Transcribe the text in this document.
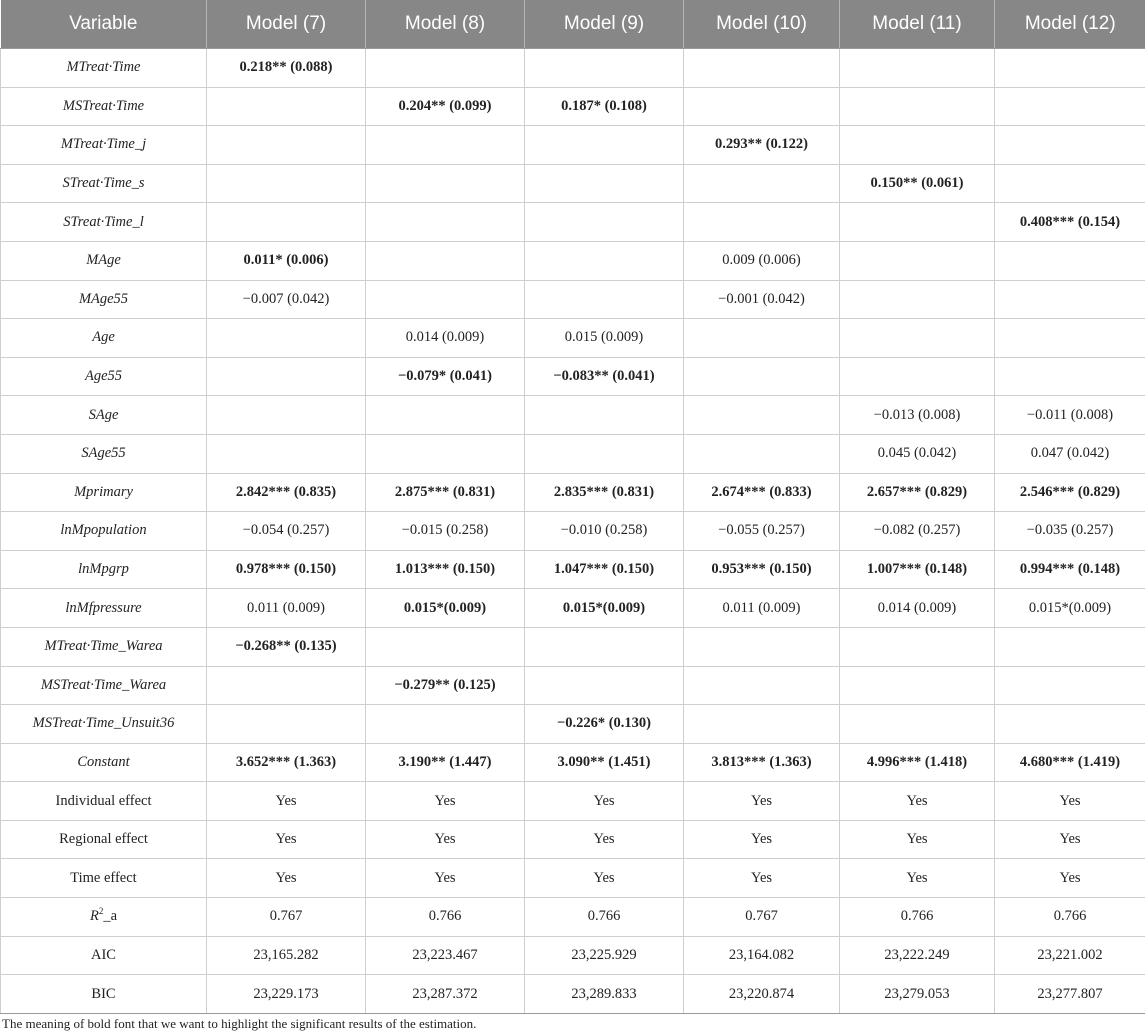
Variable	Model (7)	Model (8)	Model (9)	Model (10)	Model (11)	Model (12)
MTreat·Time	0.218** (0.088)					
MSTreat·Time		0.204** (0.099)	0.187* (0.108)			
MTreat·Time_j				0.293** (0.122)		
STreat·Time_s					0.150** (0.061)	
STreat·Time_l						0.408*** (0.154)
MAge	0.011* (0.006)			0.009 (0.006)		
MAge55	−0.007 (0.042)			−0.001 (0.042)		
Age		0.014 (0.009)	0.015 (0.009)			
Age55		−0.079* (0.041)	−0.083** (0.041)			
SAge					−0.013 (0.008)	−0.011 (0.008)
SAge55					0.045 (0.042)	0.047 (0.042)
Mprimary	2.842*** (0.835)	2.875*** (0.831)	2.835*** (0.831)	2.674*** (0.833)	2.657*** (0.829)	2.546*** (0.829)
lnMpopulation	−0.054 (0.257)	−0.015 (0.258)	−0.010 (0.258)	−0.055 (0.257)	−0.082 (0.257)	−0.035 (0.257)
lnMpgrp	0.978*** (0.150)	1.013*** (0.150)	1.047*** (0.150)	0.953*** (0.150)	1.007*** (0.148)	0.994*** (0.148)
lnMfpressure	0.011 (0.009)	0.015*(0.009)	0.015*(0.009)	0.011 (0.009)	0.014 (0.009)	0.015*(0.009)
MTreat·Time_Warea	−0.268** (0.135)					
MSTreat·Time_Warea		−0.279** (0.125)				
MSTreat·Time_Unsuit36			−0.226* (0.130)			
Constant	3.652*** (1.363)	3.190** (1.447)	3.090** (1.451)	3.813*** (1.363)	4.996*** (1.418)	4.680*** (1.419)
Individual effect	Yes	Yes	Yes	Yes	Yes	Yes
Regional effect	Yes	Yes	Yes	Yes	Yes	Yes
Time effect	Yes	Yes	Yes	Yes	Yes	Yes
$R^2\_a$	0.767	0.766	0.766	0.767	0.766	0.766
AIC	23,165.282	23,223.467	23,225.929	23,164.082	23,222.249	23,221.002
BIC	23,229.173	23,287.372	23,289.833	23,220.874	23,279.053	23,277.807

The meaning of bold font that we want to highlight the significant results of the estimation.
